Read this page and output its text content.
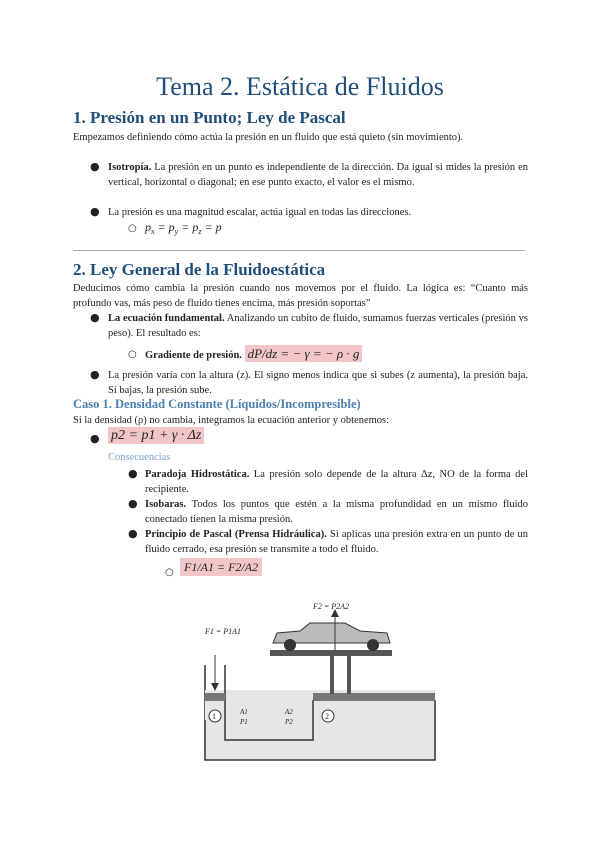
Tema 2. Estática de Fluidos
1. Presión en un Punto; Ley de Pascal
Empezamos definiendo cómo actúa la presión en un fluido que está quieto (sin movimiento).
● Isotropía. La presión en un punto es independiente de la dirección. Da igual si mides la presión en vertical, horizontal o diagonal; en ese punto exacto, el valor es el mismo.
● La presión es una magnitud escalar, actúa igual en todas las direcciones.
○ $p_x = p_y = p_z = p$
2. Ley General de la Fluidoestática
Deducimos cómo cambia la presión cuando nos movemos por el fluido. La lógica es: “Cuanto más profundo vas, más peso de fluido tienes encima, más presión soportas”
● La ecuación fundamental. Analizando un cubito de fluido, sumamos fuerzas verticales (presión vs peso). El resultado es:
○ Gradiente de presión. dP/dz = − γ = − ρ · g
● La presión varía con la altura (z). El signo menos indica que si subes (z aumenta), la presión baja. Si bajas, la presión sube.
Caso 1. Densidad Constante (Líquidos/Incompresible)
Si la densidad (ρ) no cambia, integramos la ecuación anterior y obtenemos:
● p2 = p1 + γ · Δz
Consecuencias
● Paradoja Hidrostática. La presión solo depende de la altura Δz, NO de la forma del recipiente.
● Isobaras. Todos los puntos que estén a la misma profundidad en un mismo fluido conectado tienen la misma presión.
● Principio de Pascal (Prensa Hidráulica). Si aplicas una presión extra en un punto de un fluido cerrado, esa presión se transmite a todo el fluido.
○ F1/A1 = F2/A2
F1 = P1A1
F2 = P2A2
1	2
A1
P1
A2
P2
